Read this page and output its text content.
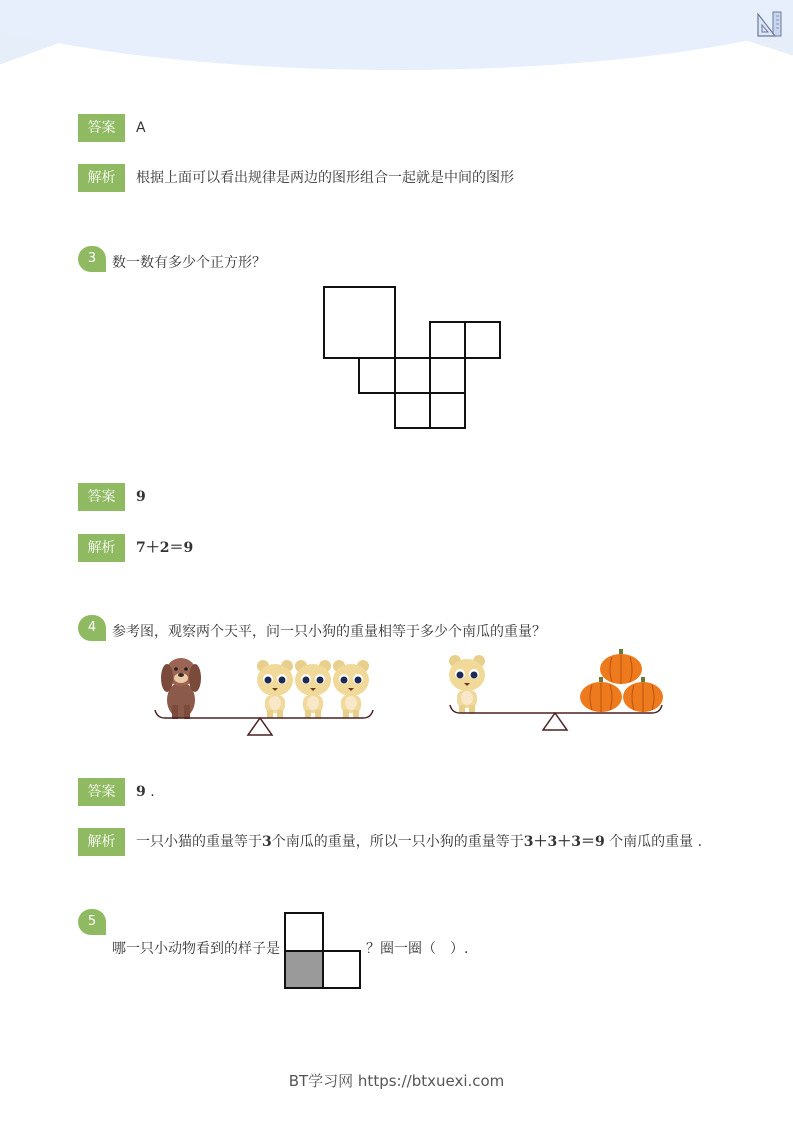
答案	A
解析	根据上面可以看出规律是两边的图形组合一起就是中间的图形
3	数一数有多少个正方形？
答案	9
解析	7＋2＝9
4	参考图，观察两个天平，问一只小狗的重量相等于多少个南瓜的重量？
答案	9 .
解析	一只小猫的重量等于3个南瓜的重量，所以一只小狗的重量等于3＋3＋3＝9 个南瓜的重量 .
5
哪一只小动物看到的样子是	？圈一圈（　）.
BT学习网 https://btxuexi.com
